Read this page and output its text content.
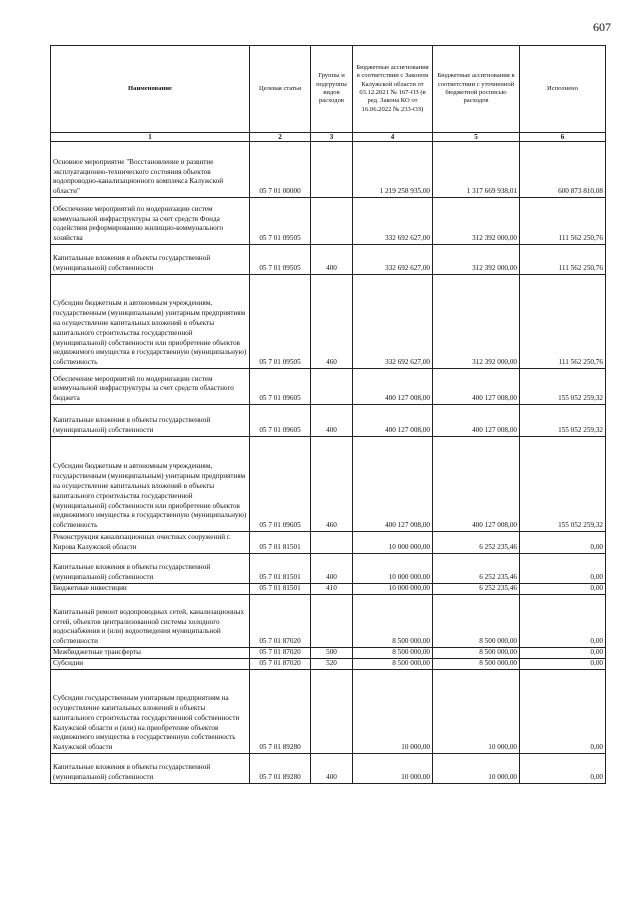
607
Наименование	Целевая статья	Группы и подгруппы видов расходов	Бюджетные ассигнования в соответствии с Законом Калужской области от 03.12.2021 № 167-ОЗ (в ред. Закона КО от 16.06.2022 № 233-ОЗ)	Бюджетные ассигнования в соответствии с уточненной бюджетной росписью расходов	Исполнено
1	2	3	4	5	6
Основное мероприятие "Восстановление и развитие эксплуатационно-технического состояния объектов водопроводно-канализационного комплекса Калужской области"	05 7 01 00000		1 219 258 935,00	1 317 669 938,01	600 873 810,08
Обеспечение мероприятий по модернизации систем коммунальной инфраструктуры за счет средств Фонда содействия реформированию жилищно-коммунального хозяйства	05 7 01 09505		332 692 627,00	312 392 000,00	111 562 250,76
Капитальные вложения в объекты государственной (муниципальной) собственности	05 7 01 09505	400	332 692 627,00	312 392 000,00	111 562 250,76
Субсидии бюджетным и автономным учреждениям, государственным (муниципальным) унитарным предприятиям на осуществление капитальных вложений в объекты капитального строительства государственной (муниципальной) собственности или приобретение объектов недвижимого имущества в государственную (муниципальную) собственность	05 7 01 09505	460	332 692 627,00	312 392 000,00	111 562 250,76
Обеспечение мероприятий по модернизации систем коммунальной инфраструктуры за счет средств областного бюджета	05 7 01 09605		400 127 008,00	400 127 008,00	155 052 259,32
Капитальные вложения в объекты государственной (муниципальной) собственности	05 7 01 09605	400	400 127 008,00	400 127 008,00	155 052 259,32
Субсидии бюджетным и автономным учреждениям, государственным (муниципальным) унитарным предприятиям на осуществление капитальных вложений в объекты капитального строительства государственной (муниципальной) собственности или приобретение объектов недвижимого имущества в государственную (муниципальную) собственность	05 7 01 09605	460	400 127 008,00	400 127 008,00	155 052 259,32
Реконструкция канализационных очистных сооружений г. Кирова Калужской области	05 7 01 81501		10 000 000,00	6 252 235,46	0,00
Капитальные вложения в объекты государственной (муниципальной) собственности	05 7 01 81501	400	10 000 000,00	6 252 235,46	0,00
Бюджетные инвестиции	05 7 01 81501	410	10 000 000,00	6 252 235,46	0,00
Капитальный ремонт водопроводных сетей, канализационных сетей, объектов централизованной системы холодного водоснабжения и (или) водоотведения муниципальной собственности	05 7 01 87020		8 500 000,00	8 500 000,00	0,00
Межбюджетные трансферты	05 7 01 87020	500	8 500 000,00	8 500 000,00	0,00
Субсидии	05 7 01 87020	520	8 500 000,00	8 500 000,00	0,00
Субсидии государственным унитарным предприятиям на осуществление капитальных вложений в объекты капитального строительства государственной собственности Калужской области и (или) на приобретение объектов недвижимого имущества в государственную собственность Калужской области	05 7 01 89280		10 000,00	10 000,00	0,00
Капитальные вложения в объекты государственной (муниципальной) собственности	05 7 01 89280	400	10 000,00	10 000,00	0,00
